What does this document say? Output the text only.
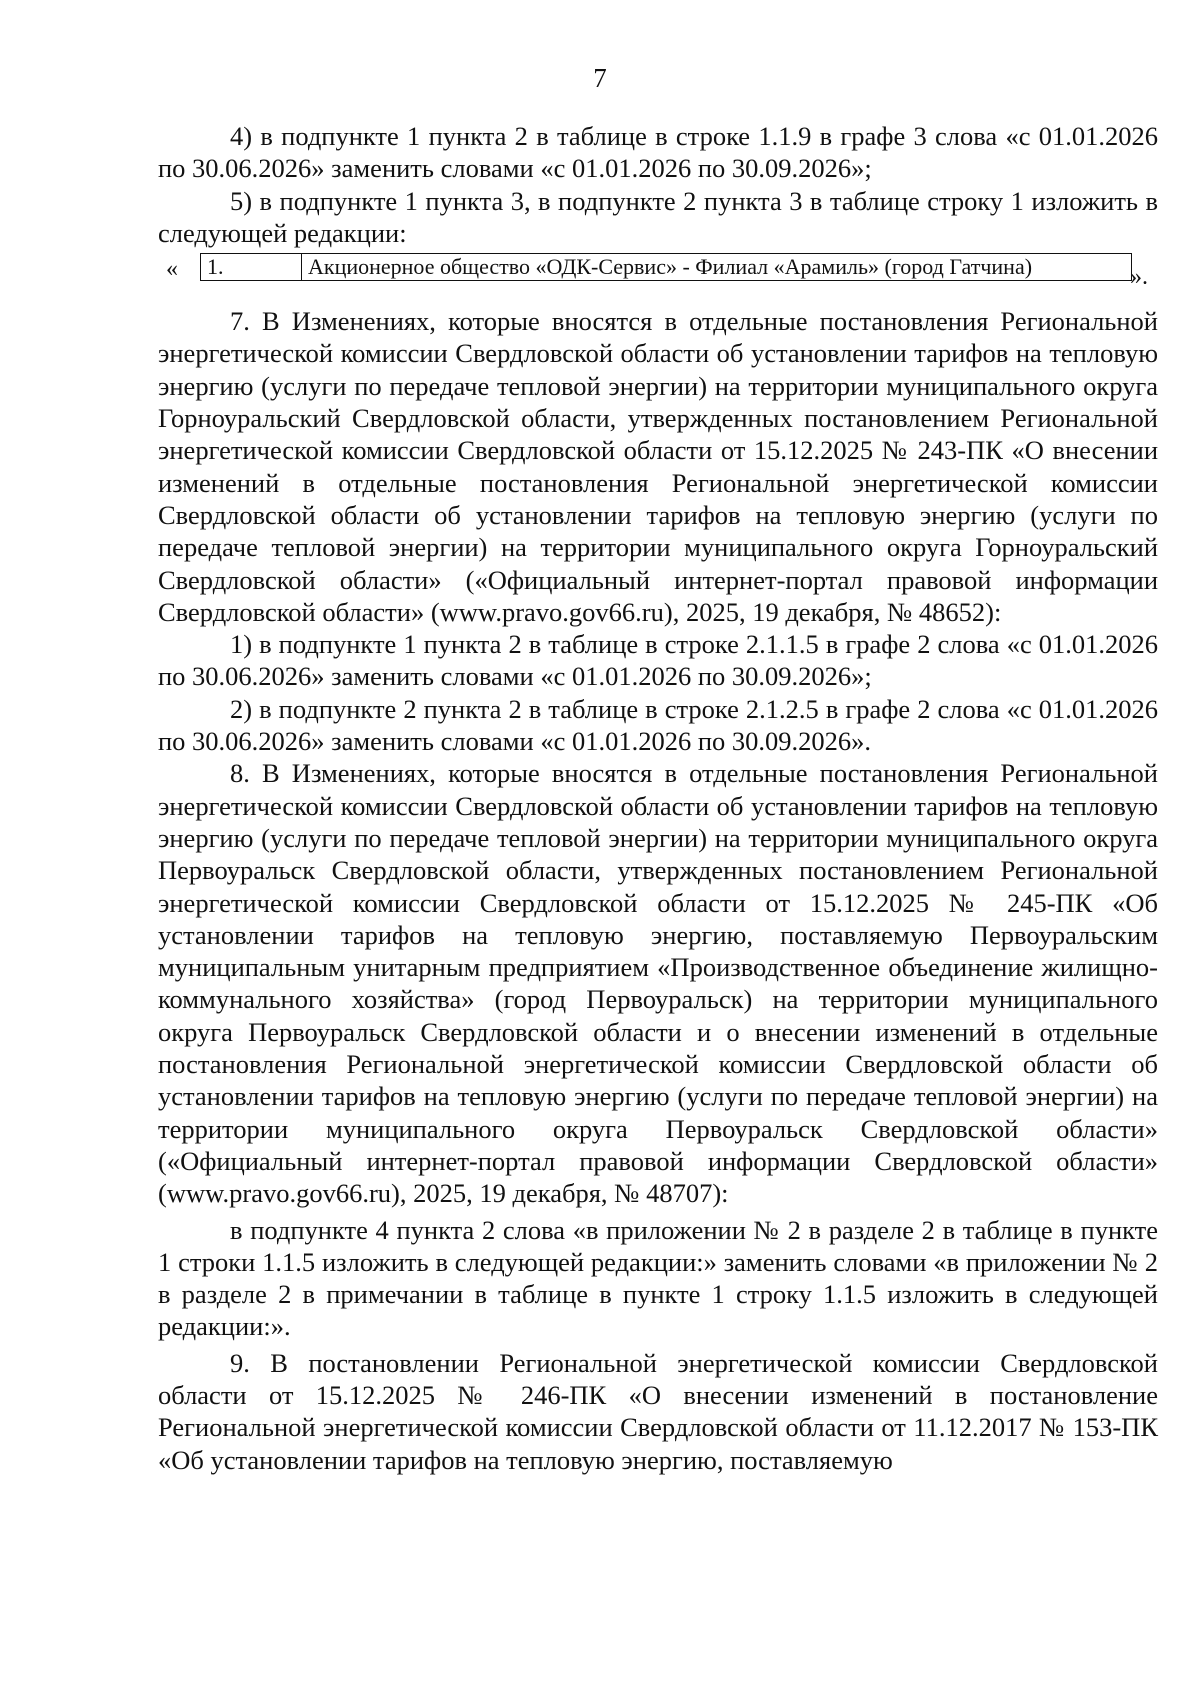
7

4) в подпункте 1 пункта 2 в таблице в строке 1.1.9 в графе 3 слова «с 01.01.2026 по 30.06.2026» заменить словами «с 01.01.2026 по 30.09.2026»;

5) в подпункте 1 пункта 3, в подпункте 2 пункта 3 в таблице строку 1 изложить в следующей редакции:

« 1.	Акционерное общество «ОДК-Сервис» - Филиал «Арамиль» (город Гатчина)	».

7. В Изменениях, которые вносятся в отдельные постановления Региональной энергетической комиссии Свердловской области об установлении тарифов на тепловую энергию (услуги по передаче тепловой энергии) на территории муниципального округа Горноуральский Свердловской области, утвержденных постановлением Региональной энергетической комиссии Свердловской области от 15.12.2025 № 243-ПК «О внесении изменений в отдельные постановления Региональной энергетической комиссии Свердловской области об установлении тарифов на тепловую энергию (услуги по передаче тепловой энергии) на территории муниципального округа Горноуральский Свердловской области» («Официальный интернет-портал правовой информации Свердловской области» (www.pravo.gov66.ru), 2025, 19 декабря, № 48652):

1) в подпункте 1 пункта 2 в таблице в строке 2.1.1.5 в графе 2 слова «с 01.01.2026 по 30.06.2026» заменить словами «с 01.01.2026 по 30.09.2026»;

2) в подпункте 2 пункта 2 в таблице в строке 2.1.2.5 в графе 2 слова «с 01.01.2026 по 30.06.2026» заменить словами «с 01.01.2026 по 30.09.2026».

8. В Изменениях, которые вносятся в отдельные постановления Региональной энергетической комиссии Свердловской области об установлении тарифов на тепловую энергию (услуги по передаче тепловой энергии) на территории муниципального округа Первоуральск Свердловской области, утвержденных постановлением Региональной энергетической комиссии Свердловской области от 15.12.2025 № 245-ПК «Об установлении тарифов на тепловую энергию, поставляемую Первоуральским муниципальным унитарным предприятием «Производственное объединение жилищно-коммунального хозяйства» (город Первоуральск) на территории муниципального округа Первоуральск Свердловской области и о внесении изменений в отдельные постановления Региональной энергетической комиссии Свердловской области об установлении тарифов на тепловую энергию (услуги по передаче тепловой энергии) на территории муниципального округа Первоуральск Свердловской области» («Официальный интернет-портал правовой информации Свердловской области» (www.pravo.gov66.ru), 2025, 19 декабря, № 48707):

в подпункте 4 пункта 2 слова «в приложении № 2 в разделе 2 в таблице в пункте 1 строки 1.1.5 изложить в следующей редакции:» заменить словами «в приложении № 2 в разделе 2 в примечании в таблице в пункте 1 строку 1.1.5 изложить в следующей редакции:».

9. В постановлении Региональной энергетической комиссии Свердловской области от 15.12.2025 № 246-ПК «О внесении изменений в постановление Региональной энергетической комиссии Свердловской области от 11.12.2017 № 153-ПК «Об установлении тарифов на тепловую энергию, поставляемую
